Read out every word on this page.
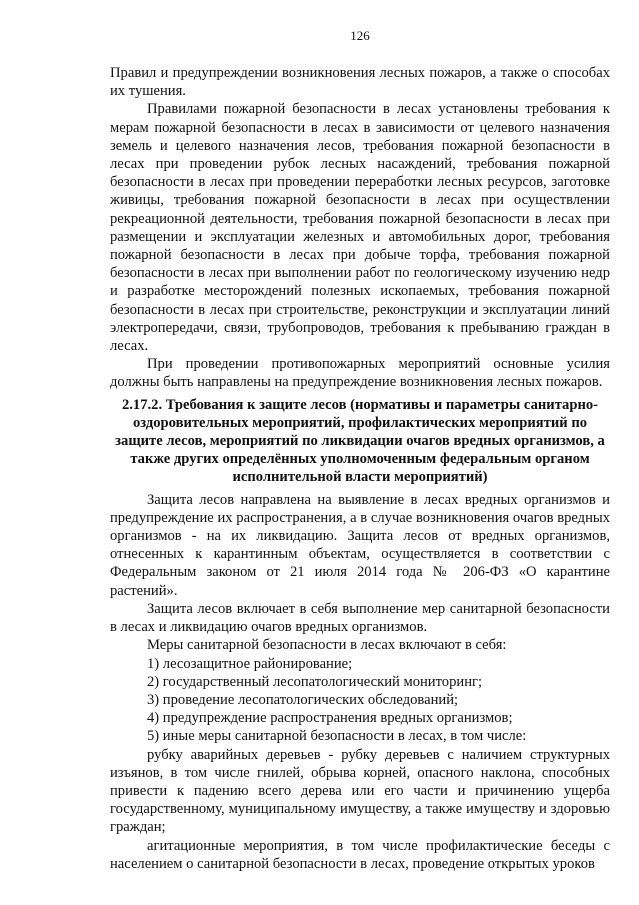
126

Правил и предупреждении возникновения лесных пожаров, а также о способах их тушения.

Правилами пожарной безопасности в лесах установлены требования к мерам пожарной безопасности в лесах в зависимости от целевого назначения земель и целевого назначения лесов, требования пожарной безопасности в лесах при проведении рубок лесных насаждений, требования пожарной безопасности в лесах при проведении переработки лесных ресурсов, заготовке живицы, требования пожарной безопасности в лесах при осуществлении рекреационной деятельности, требования пожарной безопасности в лесах при размещении и эксплуатации железных и автомобильных дорог, требования пожарной безопасности в лесах при добыче торфа, требования пожарной безопасности в лесах при выполнении работ по геологическому изучению недр и разработке месторождений полезных ископаемых, требования пожарной безопасности в лесах при строительстве, реконструкции и эксплуатации линий электропередачи, связи, трубопроводов, требования к пребыванию граждан в лесах.

При проведении противопожарных мероприятий основные усилия должны быть направлены на предупреждение возникновения лесных пожаров.

2.17.2. Требования к защите лесов (нормативы и параметры санитарно-оздоровительных мероприятий, профилактических мероприятий по защите лесов, мероприятий по ликвидации очагов вредных организмов, а также других определённых уполномоченным федеральным органом исполнительной власти мероприятий)

Защита лесов направлена на выявление в лесах вредных организмов и предупреждение их распространения, а в случае возникновения очагов вредных организмов - на их ликвидацию. Защита лесов от вредных организмов, отнесенных к карантинным объектам, осуществляется в соответствии с Федеральным законом от 21 июля 2014 года № 206-ФЗ «О карантине растений».

Защита лесов включает в себя выполнение мер санитарной безопасности в лесах и ликвидацию очагов вредных организмов.

Меры санитарной безопасности в лесах включают в себя:

1) лесозащитное районирование;

2) государственный лесопатологический мониторинг;

3) проведение лесопатологических обследований;

4) предупреждение распространения вредных организмов;

5) иные меры санитарной безопасности в лесах, в том числе:

рубку аварийных деревьев - рубку деревьев с наличием структурных изъянов, в том числе гнилей, обрыва корней, опасного наклона, способных привести к падению всего дерева или его части и причинению ущерба государственному, муниципальному имуществу, а также имуществу и здоровью граждан;

агитационные мероприятия, в том числе профилактические беседы с населением о санитарной безопасности в лесах, проведение открытых уроков
